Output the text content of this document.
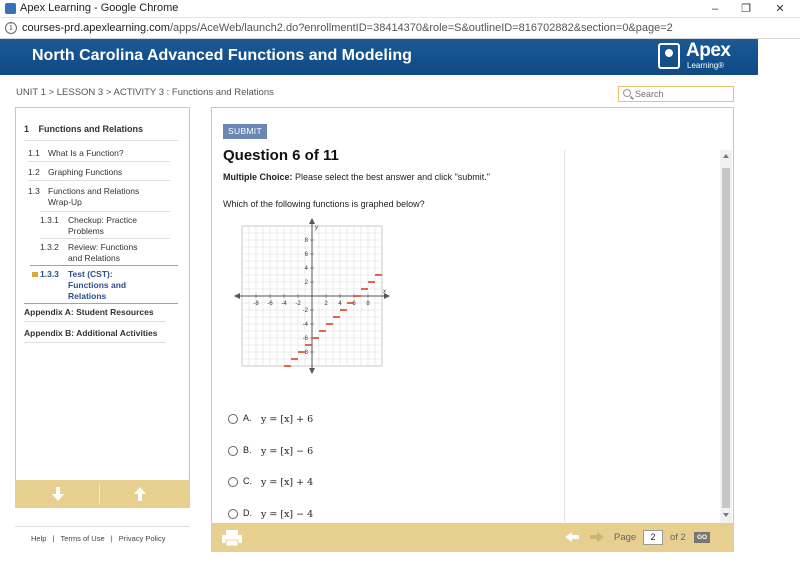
Apex Learning - Google Chrome	–	❐	✕
i courses-prd.apexlearning.com/apps/AceWeb/launch2.do?enrollmentID=38414370&role=S&outlineID=816702882&section=0&page=2
North Carolina Advanced Functions and Modeling	Apex
Learning®
UNIT 1 > LESSON 3 > ACTIVITY 3 : Functions and Relations
Search
1 Functions and Relations
1.1 What Is a Function?
1.2 Graphing Functions
1.3 Functions and Relations
Wrap-Up
1.3.1 Checkup: Practice
Problems
1.3.2 Review: Functions
and Relations
1.3.3 Test (CST):
Functions and
Relations
Appendix A: Student Resources
Appendix B: Additional Activities
Help | Terms of Use | Privacy Policy
SUBMIT
Question 6 of 11
Multiple Choice: Please select the best answer and click "submit."
Which of the following functions is graphed below?
-8 -6 -4 -2	2 4 6 8
8
6
4
2
-2
-4
-6
-8
x
y
A. y = [x] + 6
B. y = [x] − 6
C. y = [x] + 4
D. y = [x] − 4
Page	2	of 2	GO
